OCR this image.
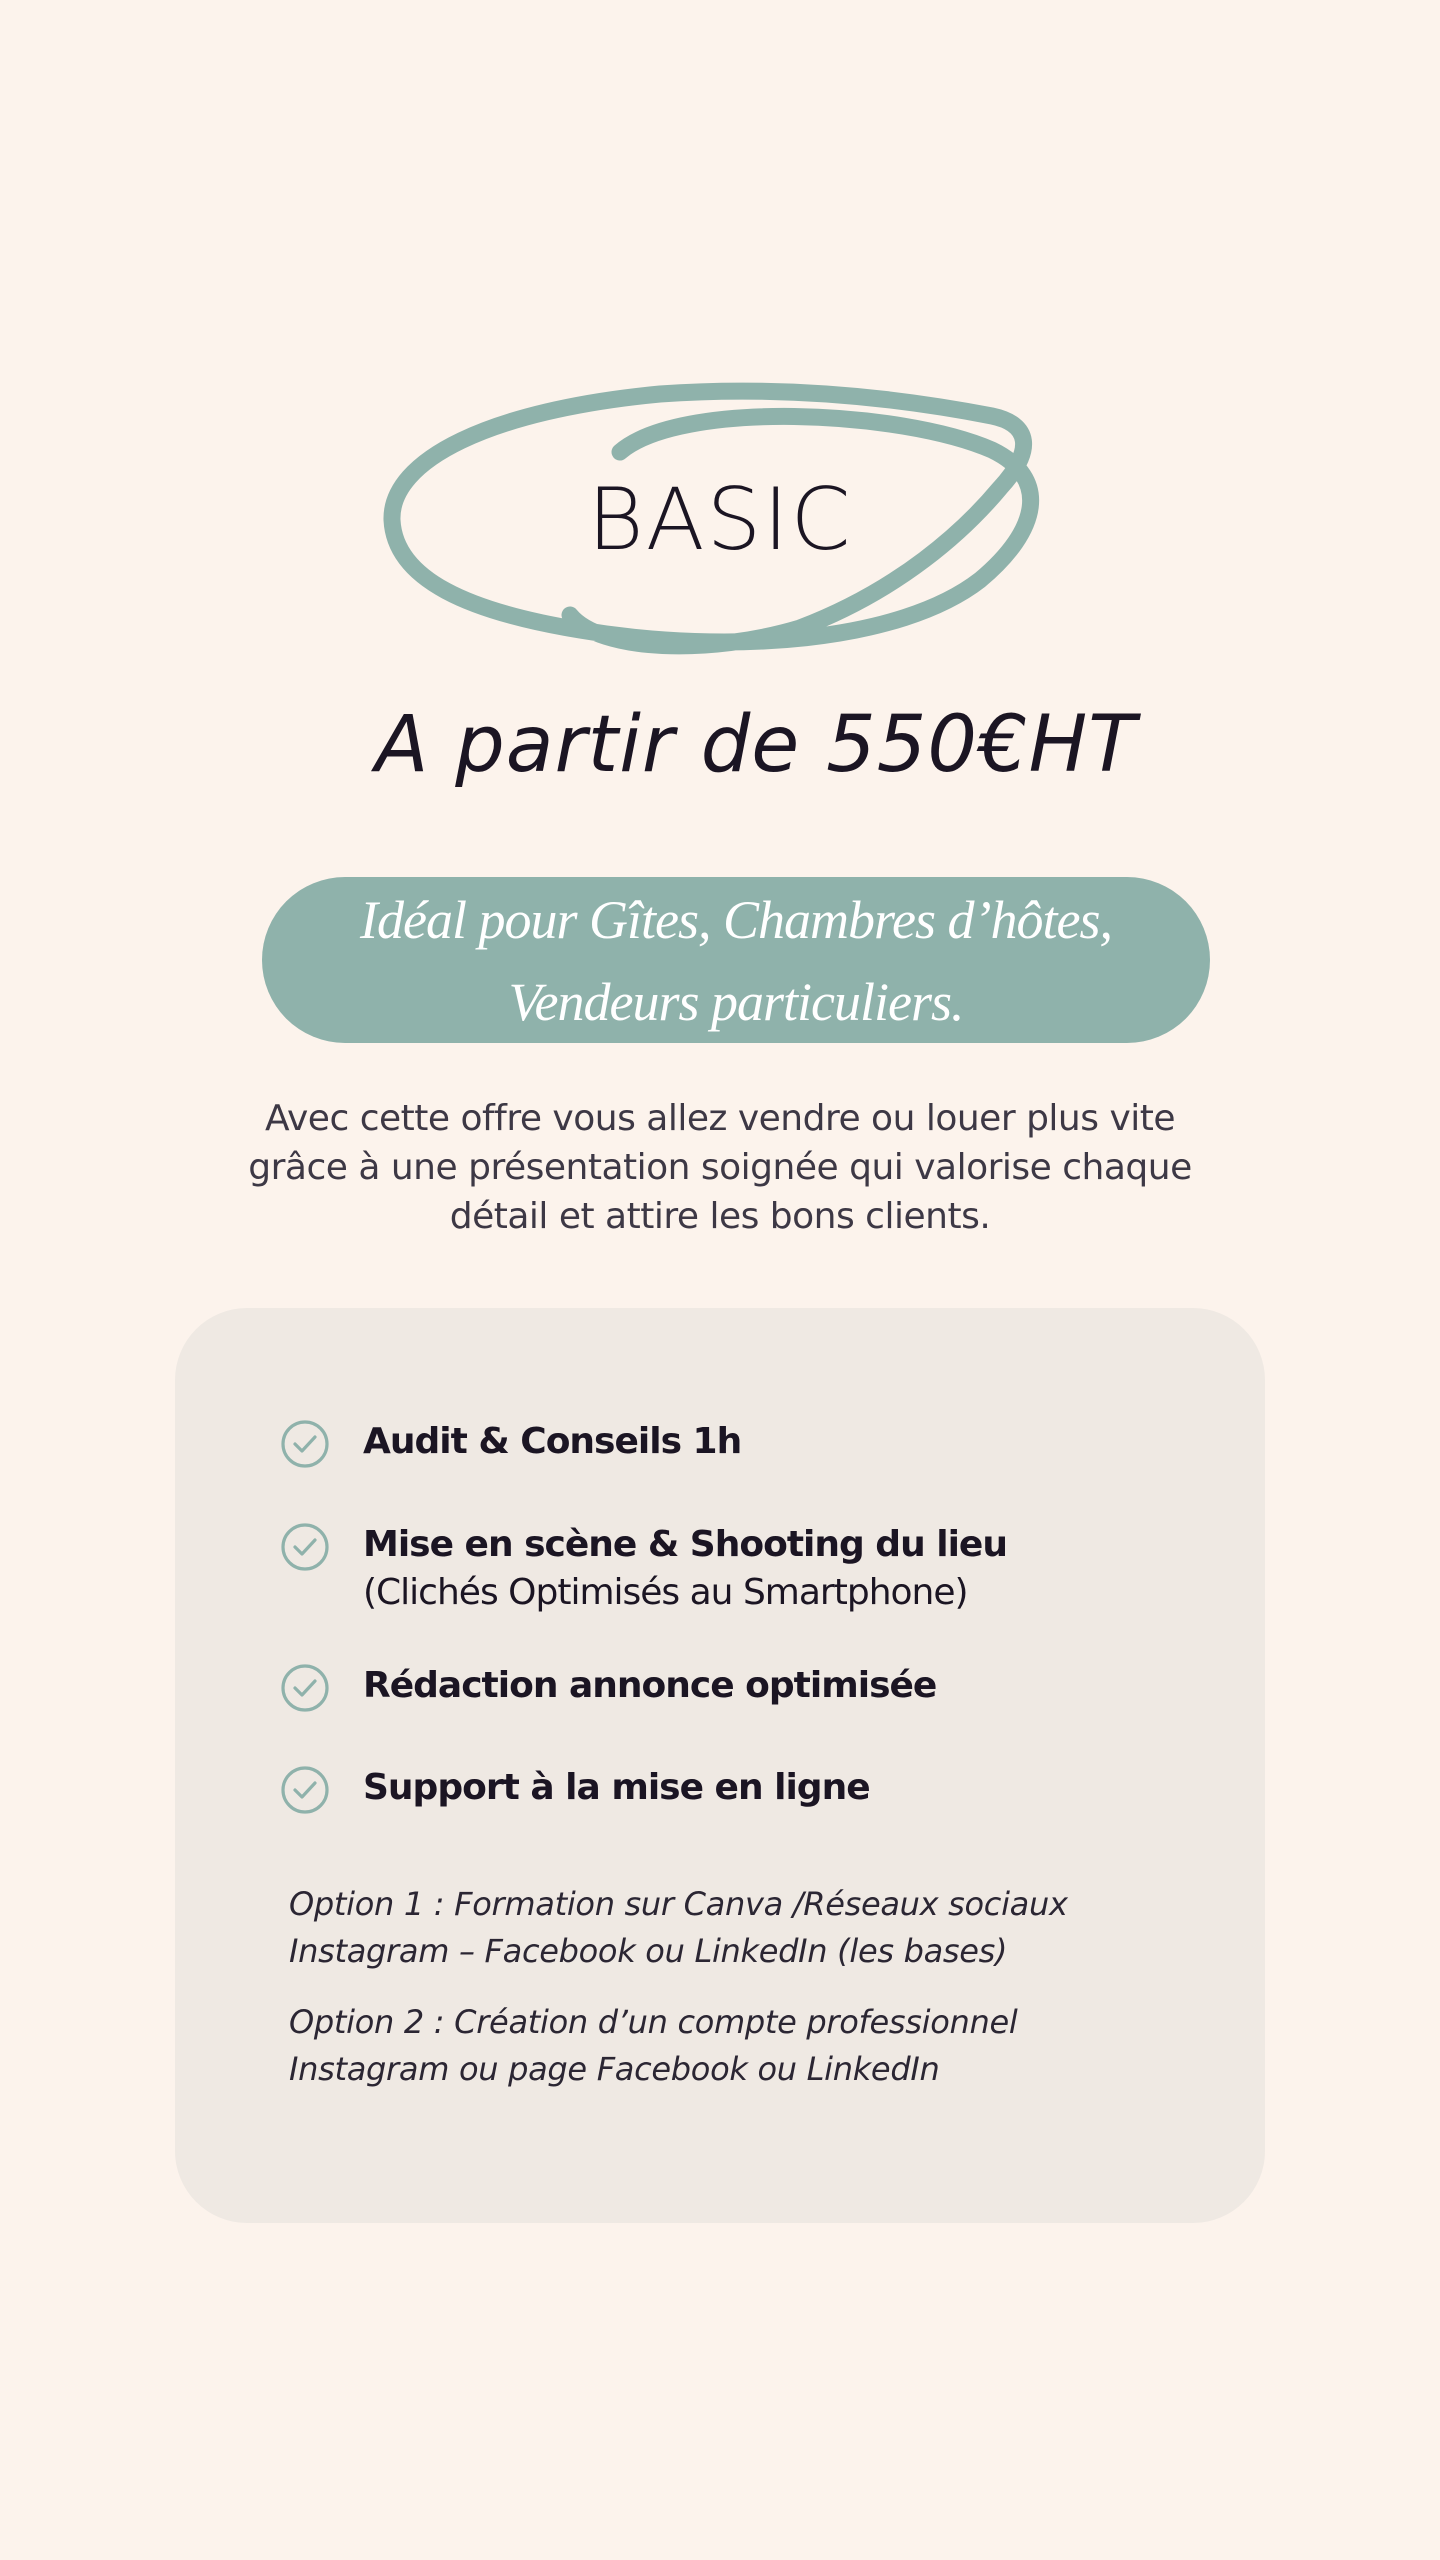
BASIC
A partir de 550€HT
Idéal pour Gîtes, Chambres d’hôtes,
Vendeurs particuliers.
Avec cette offre vous allez vendre ou louer plus vite
grâce à une présentation soignée qui valorise chaque
détail et attire les bons clients.
Audit & Conseils 1h
Mise en scène & Shooting du lieu
(Clichés Optimisés au Smartphone)
Rédaction annonce optimisée
Support à la mise en ligne
Option 1 : Formation sur Canva /Réseaux sociaux
Instagram – Facebook ou LinkedIn (les bases)
Option 2 : Création d’un compte professionnel
Instagram ou page Facebook ou LinkedIn
